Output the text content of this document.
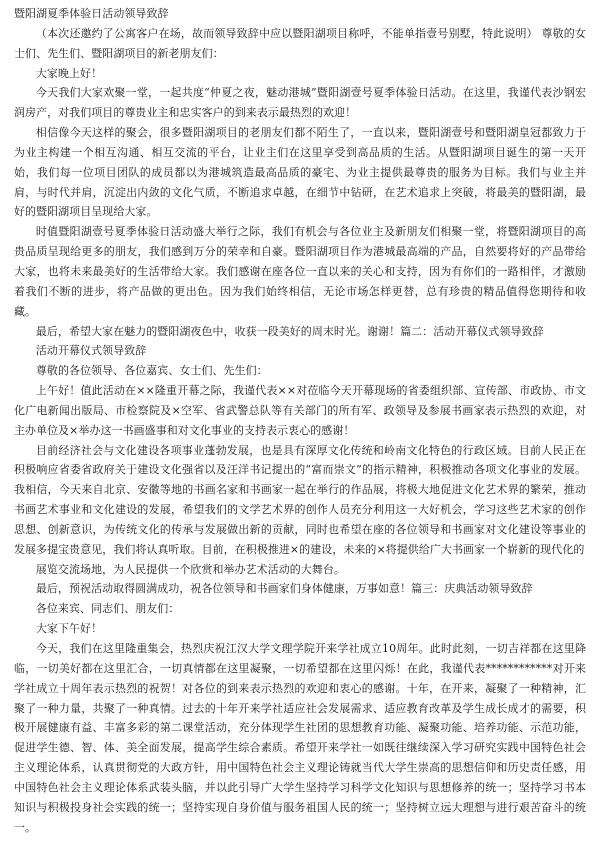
暨阳湖夏季体验日活动领导致辞

（本次还邀约了公寓客户在场，故而领导致辞中应以暨阳湖项目称呼，不能单指壹号别墅，特此说明） 尊敬的女士们、先生们、暨阳湖项目的新老朋友们：

大家晚上好！

今天我们大家欢聚一堂，一起共度“仲夏之夜，魅动港城”暨阳湖壹号夏季体验日活动。在这里，我谨代表沙钢宏润房产，对我们项目的尊贵业主和忠实客户的到来表示最热烈的欢迎！

相信像今天这样的聚会，很多暨阳湖项目的老朋友们都不陌生了，一直以来，暨阳湖壹号和暨阳湖皇冠都致力于为业主构建一个相互沟通、相互交流的平台，让业主们在这里享受到高品质的生活。从暨阳湖项目诞生的第一天开始，我们每一位项目团队的成员都以为港城筑造最高品质的豪宅、为业主提供最尊贵的服务为目标。我们与业主并肩，与时代并肩，沉淀出内敛的文化气质，不断追求卓越，在细节中钻研，在艺术追求上突破，将最美的暨阳湖，最好的暨阳湖项目呈现给大家。

时值暨阳湖壹号夏季体验日活动盛大举行之际，我们有机会与各位业主及新朋友们相聚一堂，将暨阳湖项目的高贵品质呈现给更多的朋友，我们感到万分的荣幸和自豪。暨阳湖项目作为港城最高端的产品，自然要将好的产品带给大家，也将未来最美好的生活带给大家。我们感谢在座各位一直以来的关心和支持，因为有你们的一路相伴，才激励着我们不断的进步，将产品做的更出色。因为我们始终相信，无论市场怎样更替，总有珍贵的精品值得您期待和收藏。

最后，希望大家在魅力的暨阳湖夜色中，收获一段美好的周末时光。谢谢！篇二：活动开幕仪式领导致辞

活动开幕仪式领导致辞

尊敬的各位领导、各位嘉宾、女士们、先生们：

上午好！值此活动在××隆重开幕之际，我谨代表××对莅临今天开幕现场的省委组织部、宣传部、市政协、市文化广电新闻出版局、市检察院及×空军、省武警总队等有关部门的所有军、政领导及参展书画家表示热烈的欢迎，对主办单位及×举办这一书画盛事和对文化事业的支持表示衷心的感谢！

目前经济社会与文化建设各项事业蓬勃发展，也是具有深厚文化传统和岭南文化特色的行政区域。目前人民正在积极响应省委省政府关于建设文化强省以及汪洋书记提出的“富而崇文”的指示精神，积极推动各项文化事业的发展。我相信，今天来自北京、安徽等地的书画名家和书画家一起在举行的作品展，将极大地促进文化艺术界的繁荣，推动书画艺术事业和文化建设的发展，希望我们的文学艺术界的创作人员充分利用这一大好机会，学习这些艺术家的创作思想、创新意识，为传统文化的传承与发展做出新的贡献，同时也希望在座的各位领导和书画家对文化建设等事业的发展多提宝贵意见，我们将认真听取。目前，在积极推进×的建设，未来的×将提供给广大书画家一个崭新的现代化的

展览交流场地，为人民提供一个欣赏和举办艺术活动的大舞台。

最后，预祝活动取得圆满成功，祝各位领导和书画家们身体健康，万事如意！篇三：庆典活动领导致辞

各位来宾、同志们、朋友们：

大家下午好！

今天，我们在这里隆重集会，热烈庆祝江汉大学文理学院开来学社成立10周年。此时此刻，一切吉祥都在这里降临，一切美好都在这里汇合，一切真情都在这里凝聚，一切希望都在这里闪烁！在此，我谨代表************对开来学社成立十周年表示热烈的祝贺！对各位的到来表示热烈的欢迎和衷心的感谢。十年，在开来，凝聚了一种精神，汇聚了一种力量，共聚了一种真情。过去的十年开来学社适应社会发展需求、适应教育改革及学生成长成才的需要，积极开展健康有益、丰富多彩的第二课堂活动，充分体现学生社团的思想教育功能、凝聚功能、培养功能、示范功能，促进学生德、智、体、美全面发展，提高学生综合素质。希望开来学社一如既往继续深入学习研究实践中国特色社会主义理论体系，认真贯彻党的大政方针，用中国特色社会主义理论铸就当代大学生崇高的思想信仰和历史责任感，用中国特色社会主义理论体系武装头脑，并以此引导广大学生坚持学习科学文化知识与思想修养的统一；坚持学习书本知识与积极投身社会实践的统一；坚持实现自身价值与服务祖国人民的统一；坚持树立远大理想与进行艰苦奋斗的统一。
